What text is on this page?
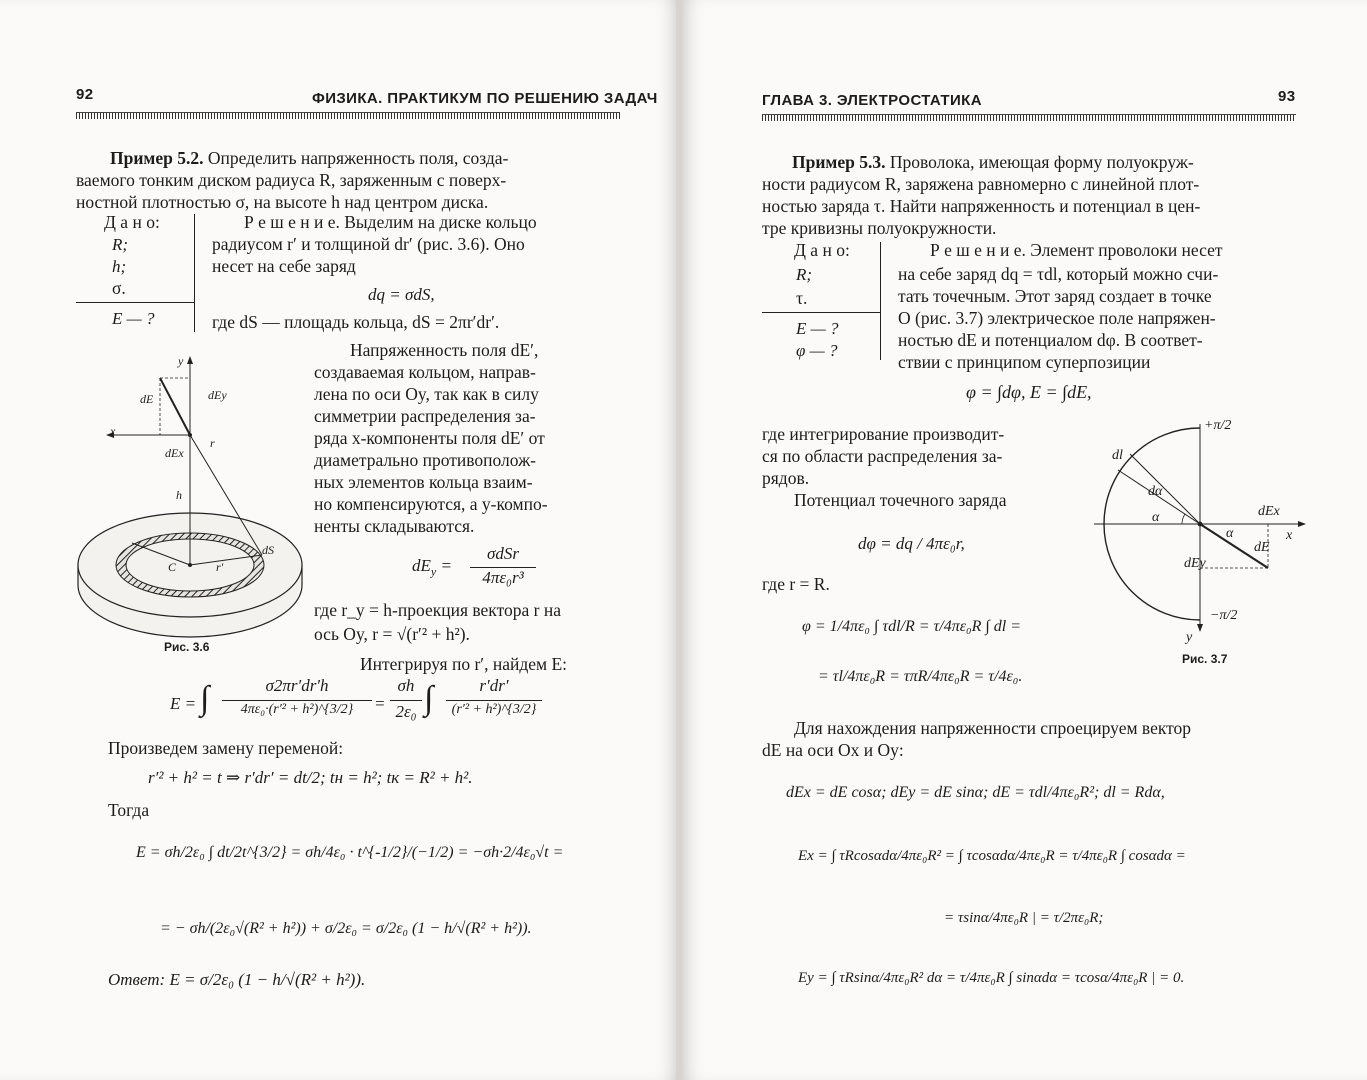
92	ФИЗИКА. ПРАКТИКУМ ПО РЕШЕНИЮ ЗАДАЧ
Пример 5.2. Определить напряженность поля, созда-
ваемого тонким диском радиуса R, заряженным с поверх-
ностной плотностью σ, на высоте h над центром диска.
Д а н о:
R;
h;
σ.
E — ?
Р е ш е н и е. Выделим на диске кольцо
радиусом r′ и толщиной dr′ (рис. 3.6). Оно
несет на себе заряд
dq = σdS,
где dS — площадь кольца, dS = 2πr′dr′.
y
dEy
dE
x
dEx
r
h
dS
C	r′
Рис. 3.6
Напряженность поля dE′,
создаваемая кольцом, направ-
лена по оси Oy, так как в силу
симметрии распределения за-
ряда x-компоненты поля dE′ от
диаметрально противополож-
ных элементов кольца взаим-
но компенсируются, а y-компо-
ненты складываются.
$dE_y$ =
σdSr
4πε₀r³
где r_y = h-проекция вектора r на
ось Oy, r = √(r′² + h²).
Интегрируя по r′, найдем E:
E = ∫	σ2πr′dr′h
4πε₀·(r′² + h²)^{3/2}	=
σh
2ε₀ ∫	r′dr′
(r′² + h²)^{3/2}
Произведем замену переменой:
r′² + h² = t ⇒ r′dr′ = dt/2; tн = h²; tк = R² + h².
Тогда
E = σh/2ε₀ ∫ dt/2t^{3/2} = σh/4ε₀ · t^{-1/2}/(−1/2) = −σh·2/4ε₀√t =
= − σh/(2ε₀√(R² + h²)) + σ/2ε₀ = σ/2ε₀ (1 − h/√(R² + h²)).
Ответ: E = σ/2ε₀ (1 − h/√(R² + h²)).
ГЛАВА 3. ЭЛЕКТРОСТАТИКА	93
Пример 5.3. Проволока, имеющая форму полуокруж-
ности радиусом R, заряжена равномерно с линейной плот-
ностью заряда τ. Найти напряженность и потенциал в цен-
тре кривизны полуокружности.
Д а н о:
R;
τ.
E — ?
φ — ?
Р е ш е н и е. Элемент проволоки несет
на себе заряд dq = τdl, который можно счи-
тать точечным. Этот заряд создает в точке
O (рис. 3.7) электрическое поле напряжен-
ностью dE и потенциалом dφ. В соответ-
ствии с принципом суперпозиции
φ = ∫dφ, E = ∫dE,
+π/2
dl
dα
α
α
dEx
x
dE
dEy
−π/2
y
Рис. 3.7
где интегрирование производит-
ся по области распределения за-
рядов.
Потенциал точечного заряда
dφ = dq / 4πε₀r,
где r = R.
φ = 1/4πε₀ ∫ τdl/R = τ/4πε₀R ∫ dl =
= τl/4πε₀R = τπR/4πε₀R = τ/4ε₀.
Для нахождения напряженности спроецируем вектор
dE на оси Ox и Oy:
dEx = dE cosα; dEy = dE sinα; dE = τdl/4πε₀R²; dl = Rdα,
Ex = ∫ τRcosαdα/4πε₀R² = ∫ τcosαdα/4πε₀R = τ/4πε₀R ∫ cosαdα =
= τsinα/4πε₀R | = τ/2πε₀R;
Ey = ∫ τRsinα/4πε₀R² dα = τ/4πε₀R ∫ sinαdα = τcosα/4πε₀R | = 0.
